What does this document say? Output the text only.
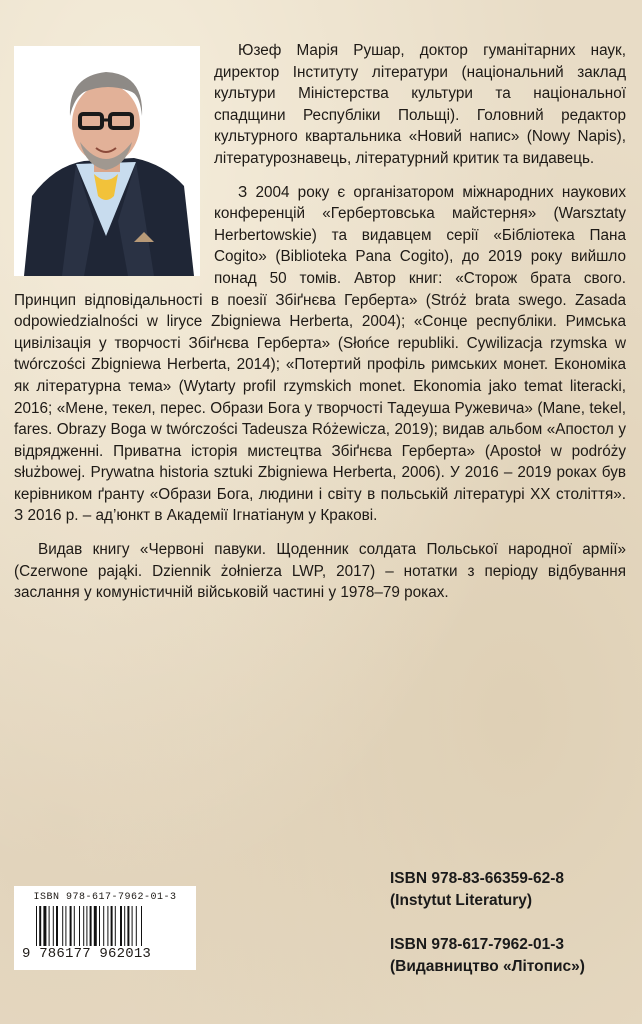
Юзеф Марія Рушар, доктор гуманітарних наук, директор Інституту літератури (національний заклад культури Міністерства культури та національної спадщини Республіки Польщі). Головний редактор культурного квартальника «Новий напис» (Nowy Napis), літературознавець, літературний критик та видавець.

З 2004 року є організатором міжнародних наукових конференцій «Гербертовська майстерня» (Warsztaty Herbertowskie) та видавцем серії «Бібліотека Пана Cogito» (Biblioteka Pana Cogito), до 2019 року вийшло понад 50 томів. Автор книг: «Сторож брата свого. Принцип відповідальності в поезії Збіґнєва Герберта» (Stróż brata swego. Zasada odpowiedzialności w liryce Zbigniewa Herberta, 2004); «Сонце республіки. Римська цивілізація у творчості Збіґнєва Герберта» (Słońce republiki. Cywilizacja rzymska w twórczości Zbigniewa Herberta, 2014); «Потертий профіль римських монет. Економіка як літературна тема» (Wytarty profil rzymskich monet. Ekonomia jako temat literacki, 2016; «Мене, текел, перес. Образи Бога у творчості Тадеуша Ружевича» (Mane, tekel, fares. Obrazy Boga w twórczości Tadeusza Różewicza, 2019); видав альбом «Апостол у відрядженні. Приватна історія мистецтва Збіґнєва Герберта» (Apostoł w podróży służbowej. Prywatna historia sztuki Zbigniewa Herberta, 2006). У 2016 – 2019 роках був керівником ґранту «Образи Бога, людини і світу в польській літературі ХХ століття». З 2016 р. – ад’юнкт в Академії Ігнатіанум у Кракові.

Видав книгу «Червоні павуки. Щоденник солдата Польської народної армії» (Czerwone pająki. Dziennik żołnierza LWP, 2017) – нотатки з періоду відбування заслання у комуністичній військовій частині у 1978–79 роках.

ISBN 978-617-7962-01-3
9 786177 962013
ISBN 978-83-66359-62-8
(Instytut Literatury)
ISBN 978-617-7962-01-3
(Видавництво «Літопис»)
